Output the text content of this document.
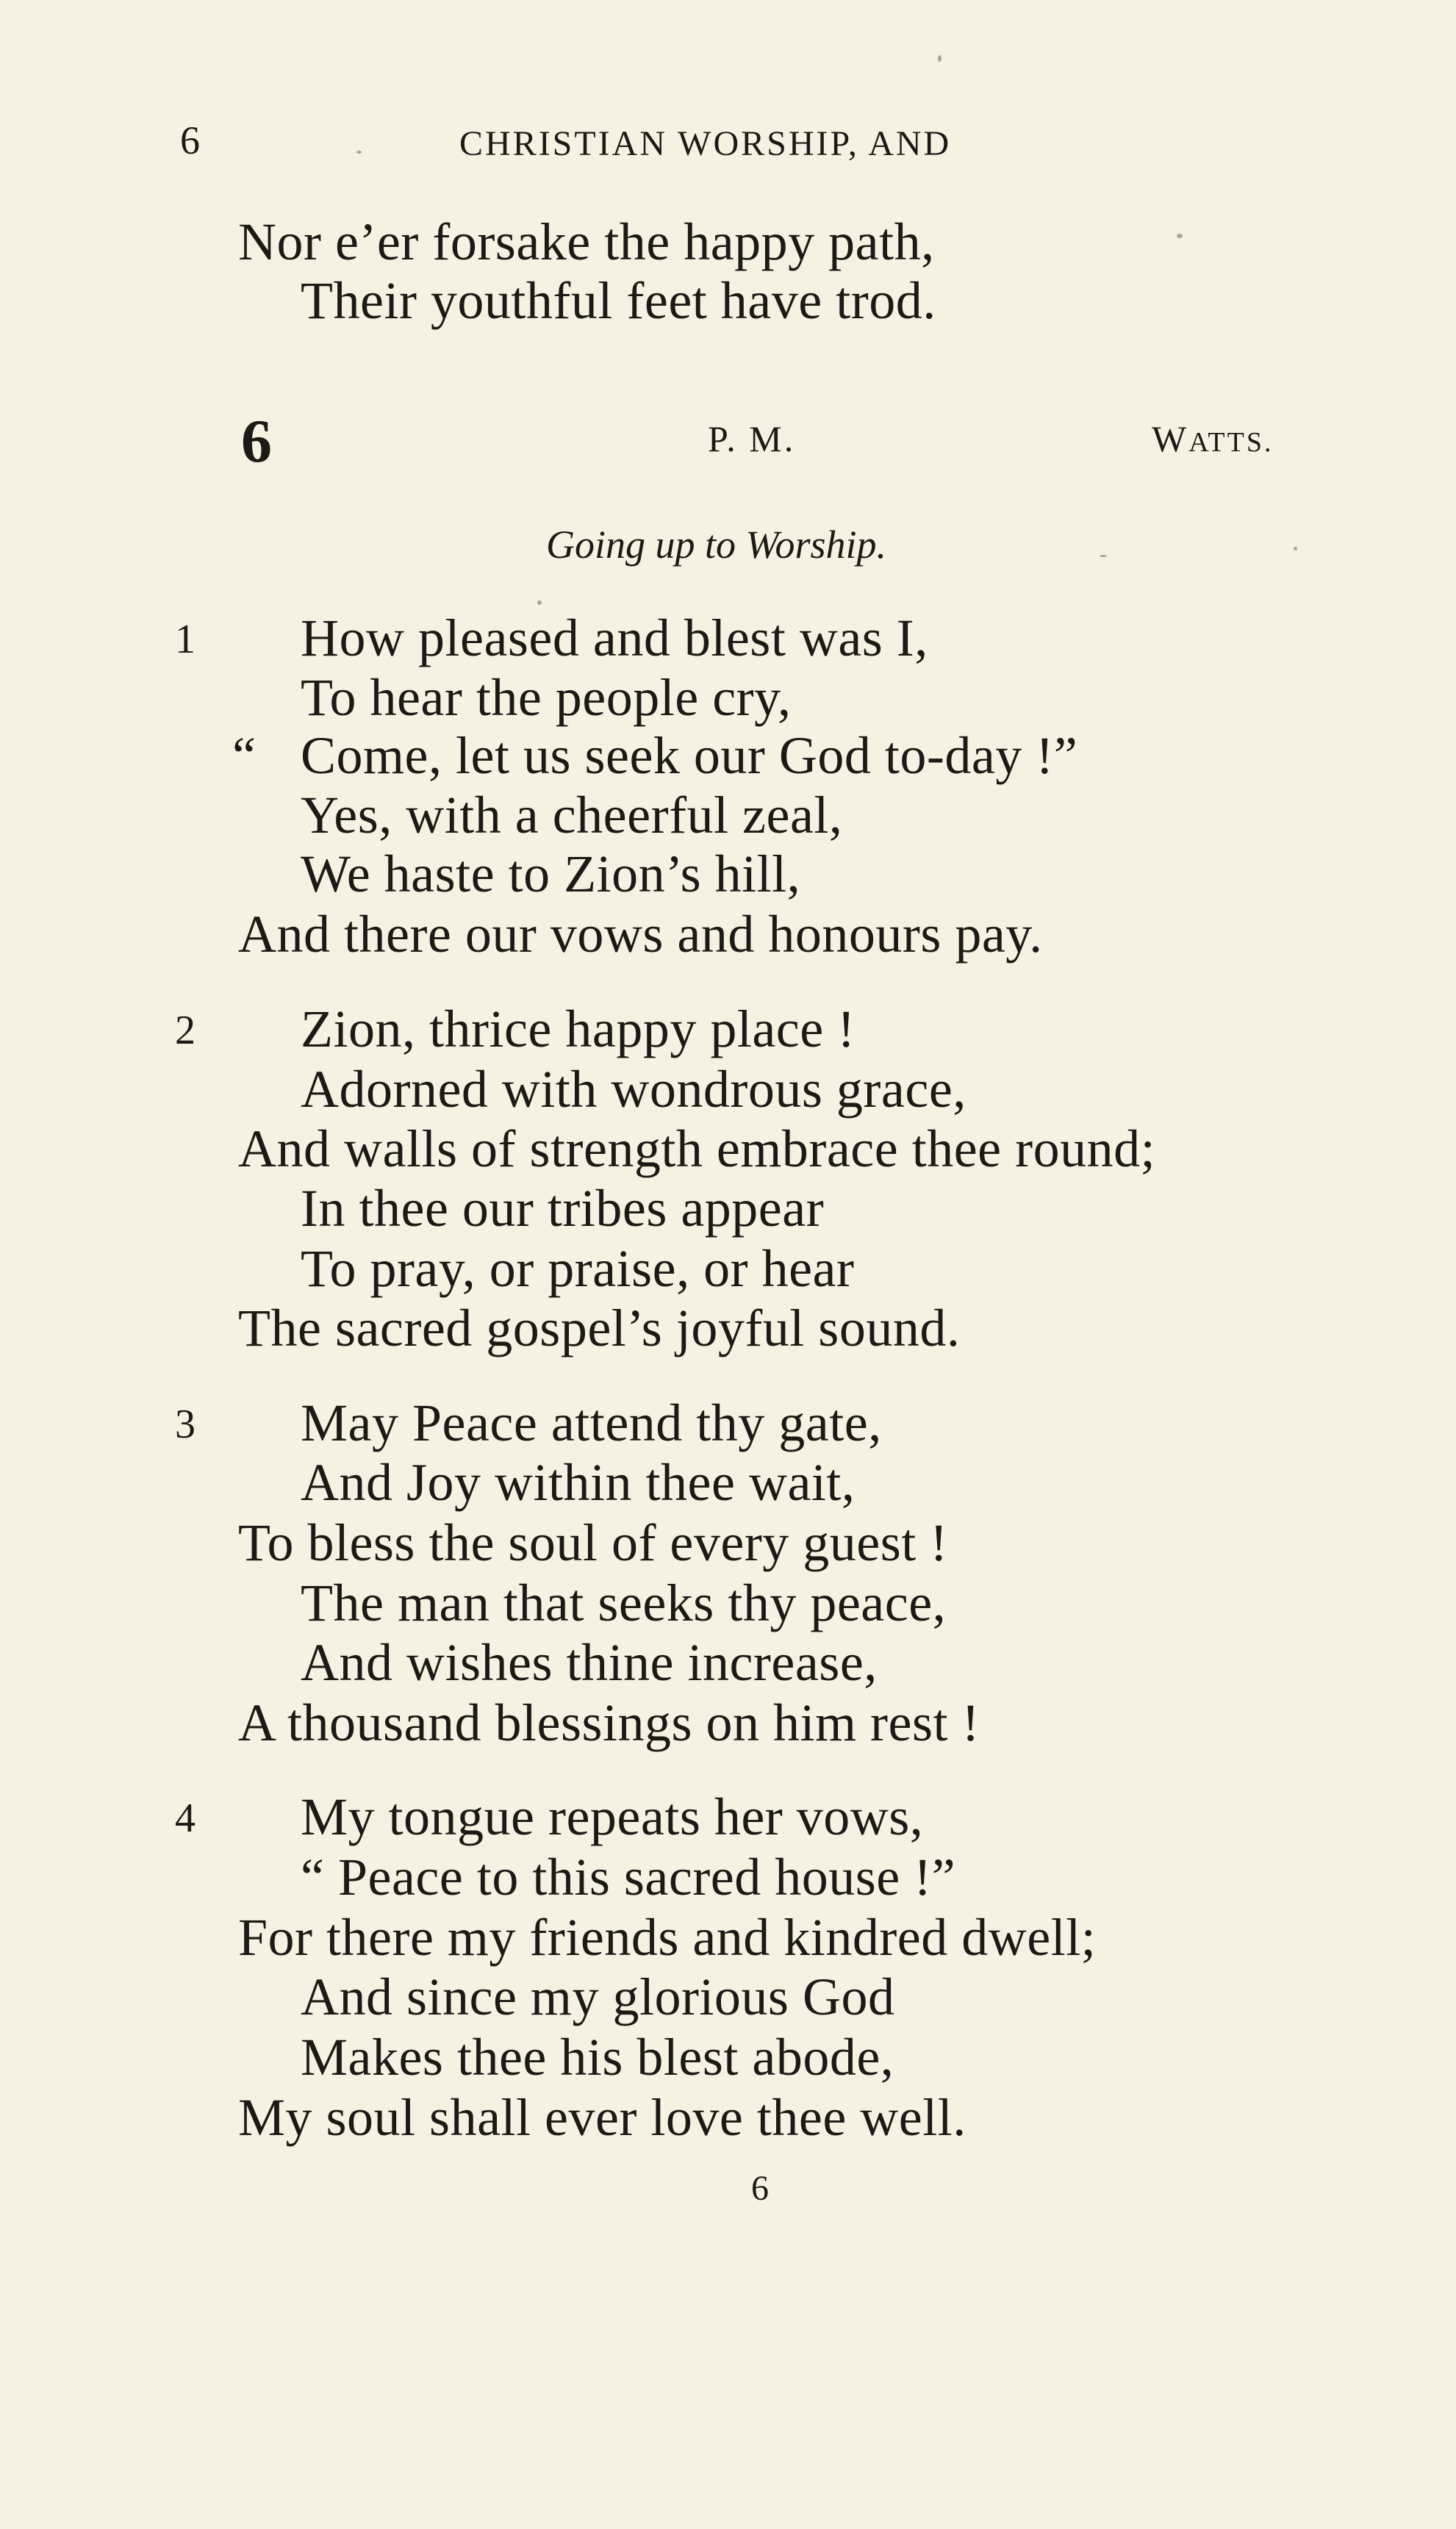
6	CHRISTIAN WORSHIP, AND
Nor e’er forsake the happy path,
Their youthful feet have trod.
6	P. M.	WATTS.
Going up to Worship.
1 How pleased and blest was I,
To hear the people cry,
“ Come, let us seek our God to-day !”
Yes, with a cheerful zeal,
We haste to Zion’s hill,
And there our vows and honours pay.
2 Zion, thrice happy place !
Adorned with wondrous grace,
And walls of strength embrace thee round;
In thee our tribes appear
To pray, or praise, or hear
The sacred gospel’s joyful sound.
3 May Peace attend thy gate,
And Joy within thee wait,
To bless the soul of every guest !
The man that seeks thy peace,
And wishes thine increase,
A thousand blessings on him rest !
4 My tongue repeats her vows,
“ Peace to this sacred house !”
For there my friends and kindred dwell;
And since my glorious God
Makes thee his blest abode,
My soul shall ever love thee well.
6
